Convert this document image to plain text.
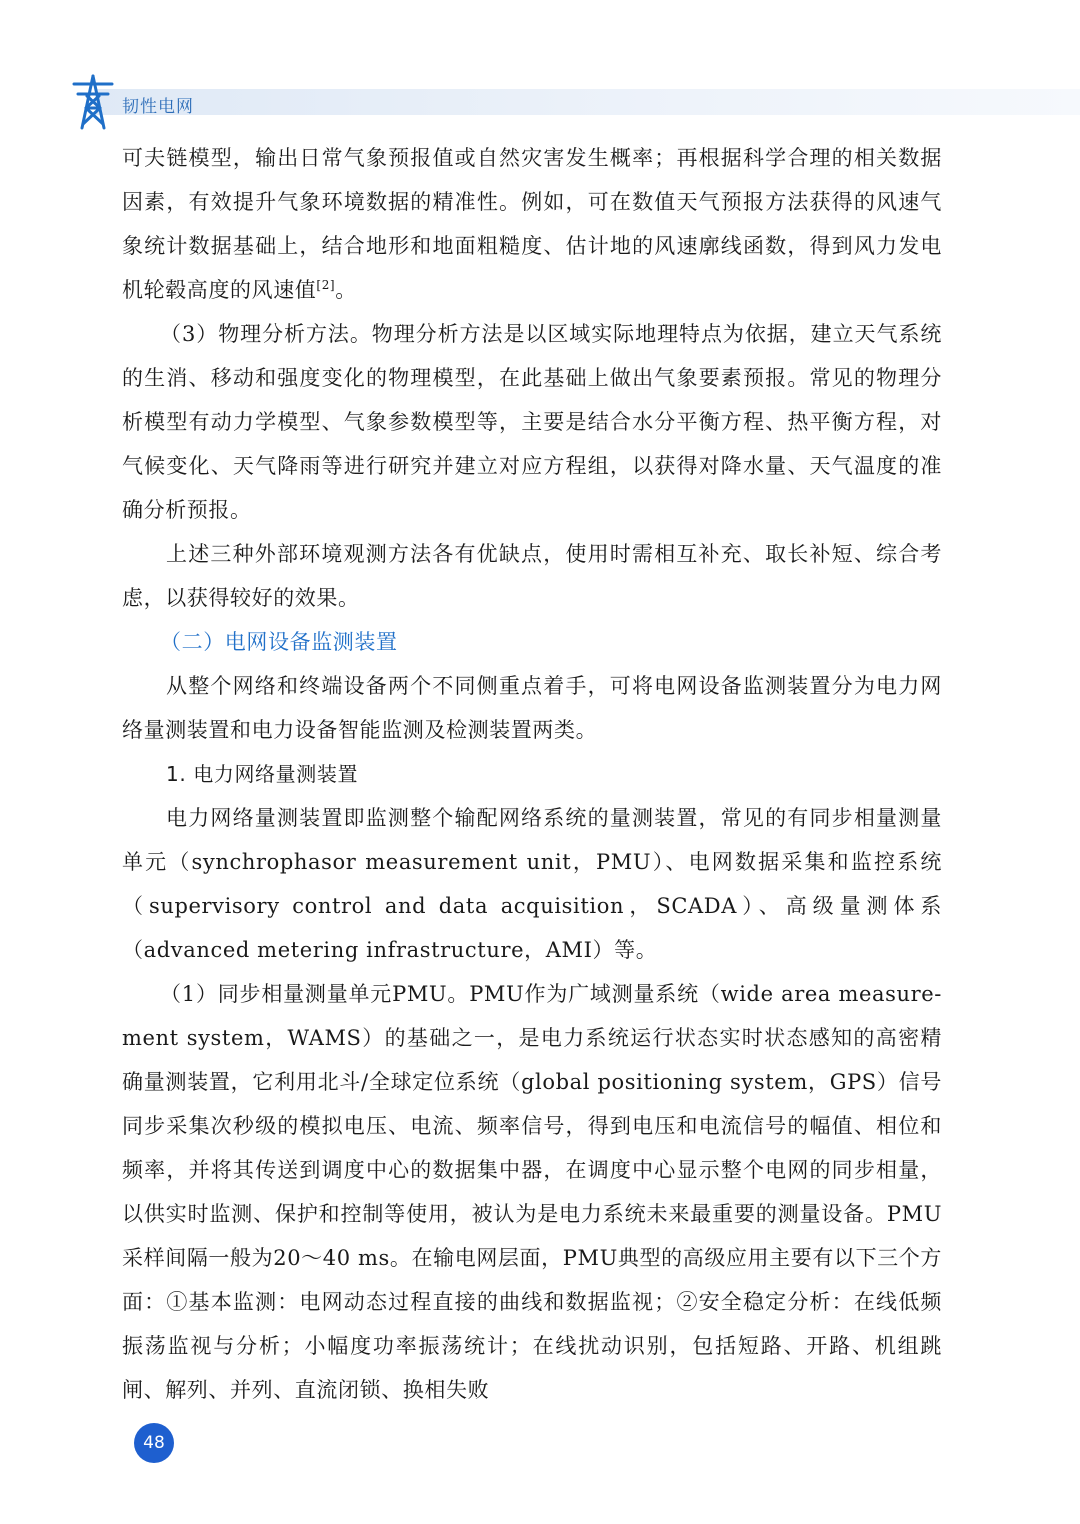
韧性电网

可夫链模型，输出日常气象预报值或自然灾害发生概率；再根据科学合理的相关数据因素，有效提升气象环境数据的精准性。例如，可在数值天气预报方法获得的风速气象统计数据基础上，结合地形和地面粗糙度、估计地的风速廓线函数，得到风力发电机轮毂高度的风速值[2]。

（3）物理分析方法。物理分析方法是以区域实际地理特点为依据，建立天气系统的生消、移动和强度变化的物理模型，在此基础上做出气象要素预报。常见的物理分析模型有动力学模型、气象参数模型等，主要是结合水分平衡方程、热平衡方程，对气候变化、天气降雨等进行研究并建立对应方程组，以获得对降水量、天气温度的准确分析预报。

上述三种外部环境观测方法各有优缺点，使用时需相互补充、取长补短、综合考虑，以获得较好的效果。

（二）电网设备监测装置

从整个网络和终端设备两个不同侧重点着手，可将电网设备监测装置分为电力网络量测装置和电力设备智能监测及检测装置两类。

1. 电力网络量测装置

电力网络量测装置即监测整个输配网络系统的量测装置，常见的有同步相量测量单元（synchrophasor measurement unit，PMU）、电网数据采集和监控系统（supervisory control and data acquisition，SCADA）、高级量测体系（advanced metering infrastructure，AMI）等。

（1）同步相量测量单元PMU。PMU作为广域测量系统（wide area measure-ment system，WAMS）的基础之一，是电力系统运行状态实时状态感知的高密精确量测装置，它利用北斗/全球定位系统（global positioning system，GPS）信号同步采集次秒级的模拟电压、电流、频率信号，得到电压和电流信号的幅值、相位和频率，并将其传送到调度中心的数据集中器，在调度中心显示整个电网的同步相量，以供实时监测、保护和控制等使用，被认为是电力系统未来最重要的测量设备。PMU采样间隔一般为20～40 ms。在输电网层面，PMU典型的高级应用主要有以下三个方面：①基本监测：电网动态过程直接的曲线和数据监视；②安全稳定分析：在线低频振荡监视与分析；小幅度功率振荡统计；在线扰动识别，包括短路、开路、机组跳闸、解列、并列、直流闭锁、换相失败

48
